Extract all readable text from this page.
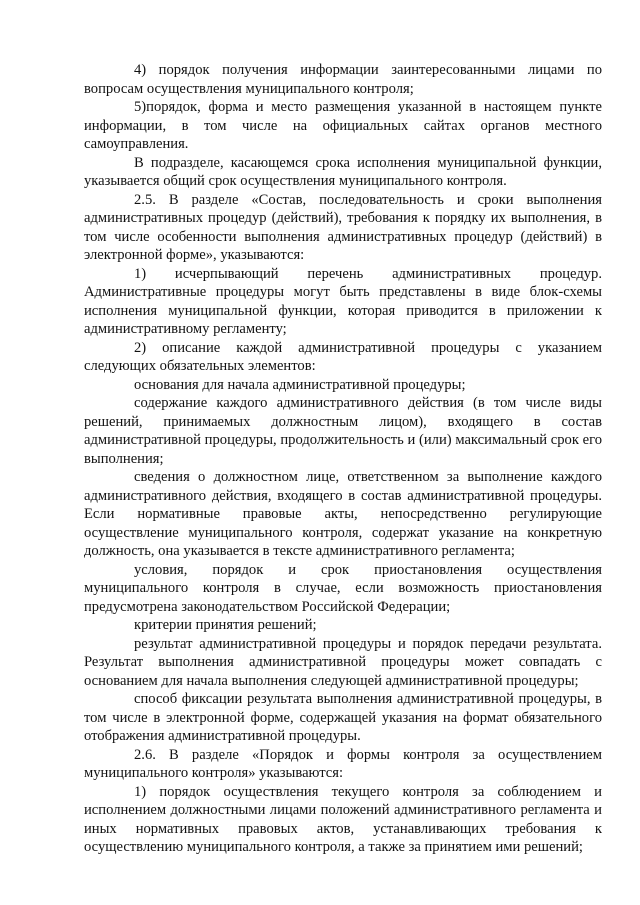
4) порядок получения информации заинтересованными лицами по вопросам осуществления муниципального контроля;

5)порядок, форма и место размещения указанной в настоящем пункте информации, в том числе на официальных сайтах органов местного самоуправления.

В подразделе, касающемся срока исполнения муниципальной функции, указывается общий срок осуществления муниципального контроля.

2.5. В разделе «Состав, последовательность и сроки выполнения административных процедур (действий), требования к порядку их выполнения, в том числе особенности выполнения административных процедур (действий) в электронной форме», указываются:

1) исчерпывающий перечень административных процедур. Административные процедуры могут быть представлены в виде блок-схемы исполнения муниципальной функции, которая приводится в приложении к административному регламенту;

2) описание каждой административной процедуры с указанием следующих обязательных элементов:

основания для начала административной процедуры;

содержание каждого административного действия (в том числе виды решений, принимаемых должностным лицом), входящего в состав административной процедуры, продолжительность и (или) максимальный срок его выполнения;

сведения о должностном лице, ответственном за выполнение каждого административного действия, входящего в состав административной процедуры. Если нормативные правовые акты, непосредственно регулирующие осуществление муниципального контроля, содержат указание на конкретную должность, она указывается в тексте административного регламента;

условия, порядок и срок приостановления осуществления муниципального контроля в случае, если возможность приостановления предусмотрена законодательством Российской Федерации;

критерии принятия решений;

результат административной процедуры и порядок передачи результата. Результат выполнения административной процедуры может совпадать с основанием для начала выполнения следующей административной процедуры;

способ фиксации результата выполнения административной процедуры, в том числе в электронной форме, содержащей указания на формат обязательного отображения административной процедуры.

2.6. В разделе «Порядок и формы контроля за осуществлением муниципального контроля» указываются:

1) порядок осуществления текущего контроля за соблюдением и исполнением должностными лицами положений административного регламента и иных нормативных правовых актов, устанавливающих требования к осуществлению муниципального контроля, а также за принятием ими решений;
